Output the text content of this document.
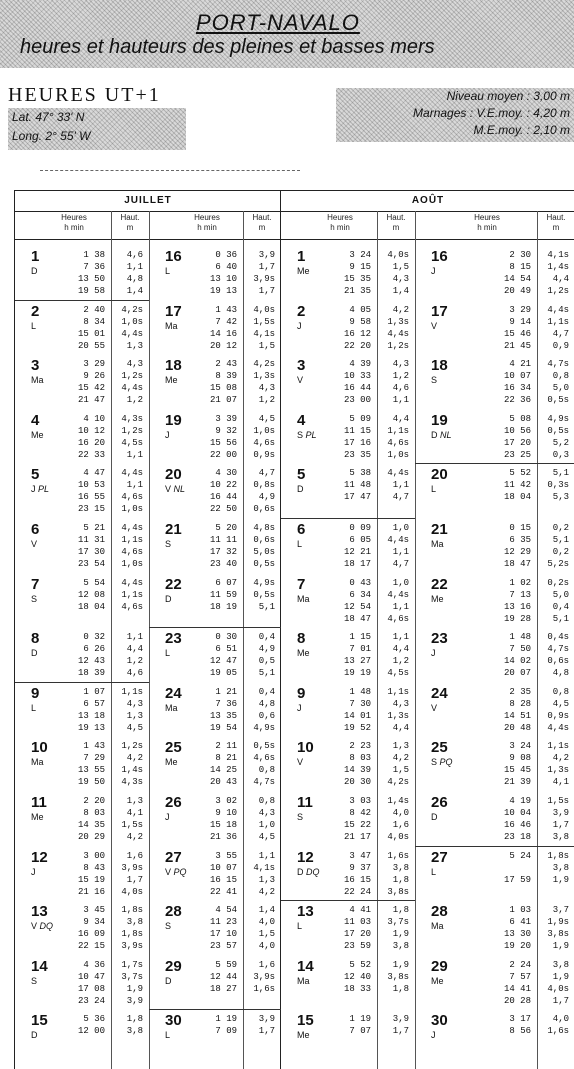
PORT-NAVALO
heures et hauteurs des pleines et basses mers
HEURES UT+1
Lat. 47° 33' N
Long. 2° 55' W
Niveau moyen : 3,00 m
Marnages : V.E.moy. : 4,20 m
M.E.moy. : 2,10 m
JUILLET	AOÛT
Heures
h min
Haut.
m
1
D
1 38
7 36
13 50
19 58
4,6
1,1
4,8
1,4
2
L
2 40
8 34
15 01
20 55
4,2s
1,0s
4,4s
1,3
3
Ma
3 29
9 26
15 42
21 47
4,3
1,2s
4,4s
1,2
4
Me
4 10
10 12
16 20
22 33
4,3s
1,2s
4,5s
1,1
5
J PL
4 47
10 53
16 55
23 15
4,4s
1,1
4,6s
1,0s
6
V
5 21
11 31
17 30
23 54
4,4s
1,1s
4,6s
1,0s
7
S
5 54
12 08
18 04

4,4s
1,1s
4,6s

8
D
0 32
6 26
12 43
18 39
1,1
4,4
1,2
4,6
9
L
1 07
6 57
13 18
19 13
1,1s
4,3
1,3
4,5
10
Ma
1 43
7 29
13 55
19 50
1,2s
4,2
1,4s
4,3s
11
Me
2 20
8 03
14 35
20 29
1,3
4,1
1,5s
4,2
12
J
3 00
8 43
15 19
21 16
1,6
3,9s
1,7
4,0s
13
V DQ
3 45
9 34
16 09
22 15
1,8s
3,8
1,8s
3,9s
14
S
4 36
10 47
17 08
23 24
1,7s
3,7s
1,9
3,9
15
D
5 36
12 00
1,8
3,8
Heures
h min
Haut.
m
16
L
0 36
6 40
13 10
19 13
3,9
1,7
3,9s
1,7
17
Ma
1 43
7 42
14 16
20 12
4,0s
1,5s
4,1s
1,5
18
Me
2 43
8 39
15 08
21 07
4,2s
1,3s
4,3
1,2
19
J
3 39
9 32
15 56
22 00
4,5
1,0s
4,6s
0,9s
20
V NL
4 30
10 22
16 44
22 50
4,7
0,8s
4,9
0,6s
21
S
5 20
11 11
17 32
23 40
4,8s
0,6s
5,0s
0,5s
22
D
6 07
11 59
18 19

4,9s
0,5s
5,1

23
L
0 30
6 51
12 47
19 05
0,4
4,9
0,5
5,1
24
Ma
1 21
7 36
13 35
19 54
0,4
4,8
0,6
4,9s
25
Me
2 11
8 21
14 25
20 43
0,5s
4,6s
0,8
4,7s
26
J
3 02
9 10
15 18
21 36
0,8
4,3
1,0
4,5
27
V PQ
3 55
10 07
16 15
22 41
1,1
4,1s
1,3
4,2
28
S
4 54
11 23
17 10
23 57
1,4
4,0
1,5
4,0
29
D
5 59
12 44
18 27

1,6
3,9s
1,6s

30
L
1 19
7 09
3,9
1,7
Heures
h min
Haut.
m
1
Me
3 24
9 15
15 35
21 35
4,0s
1,5
4,3
1,4
2
J
4 05
9 58
16 12
22 20
4,2
1,3s
4,4s
1,2s
3
V
4 39
10 33
16 44
23 00
4,3
1,2
4,6
1,1
4
S PL
5 09
11 15
17 16
23 35
4,4
1,1s
4,6s
1,0s
5
D
5 38
11 48
17 47

4,4s
1,1
4,7

6
L
0 09
6 05
12 21
18 17
1,0
4,4s
1,1
4,7
7
Ma
0 43
6 34
12 54
18 47
1,0
4,4s
1,1
4,6s
8
Me
1 15
7 01
13 27
19 19
1,1
4,4
1,2
4,5s
9
J
1 48
7 30
14 01
19 52
1,1s
4,3
1,3s
4,4
10
V
2 23
8 03
14 39
20 30
1,3
4,2
1,5
4,2s
11
S
3 03
8 42
15 22
21 17
1,4s
4,0
1,6
4,0s
12
D DQ
3 47
9 37
16 15
22 24
1,6s
3,8
1,8
3,8s
13
L
4 41
11 03
17 20
23 59
1,8
3,7s
1,9
3,8
14
Ma
5 52
12 40
18 33

1,9
3,8s
1,8

15
Me
1 19
7 07
3,9
1,7
Heures
h min
Haut.
m
16
J
2 30
8 15
14 54
20 49
4,1s
1,4s
4,4
1,2s
17
V
3 29
9 14
15 46
21 45
4,4s
1,1s
4,7
0,9
18
S
4 21
10 07
16 34
22 36
4,7s
0,8
5,0
0,5s
19
D NL
5 08
10 56
17 20
23 25
4,9s
0,5s
5,2
0,3
20
L
5 52
11 42
18 04

5,1
0,3s
5,3

21
Ma
0 15
6 35
12 29
18 47
0,2
5,1
0,2
5,2s
22
Me
1 02
7 13
13 16
19 28
0,2s
5,0
0,4
5,1
23
J
1 48
7 50
14 02
20 07
0,4s
4,7s
0,6s
4,8
24
V
2 35
8 28
14 51
20 48
0,8
4,5
0,9s
4,4s
25
S PQ
3 24
9 08
15 45
21 39
1,1s
4,2
1,3s
4,1
26
D
4 19
10 04
16 46
23 18
1,5s
3,9
1,7
3,8
27
L
5 24

17 59

1,8s
3,8
1,9

28
Ma
1 03
6 41
13 30
19 20
3,7
1,9s
3,8s
1,9
29
Me
2 24
7 57
14 41
20 28
3,8
1,9
4,0s
1,7
30
J
3 17
8 56
4,0
1,6s
